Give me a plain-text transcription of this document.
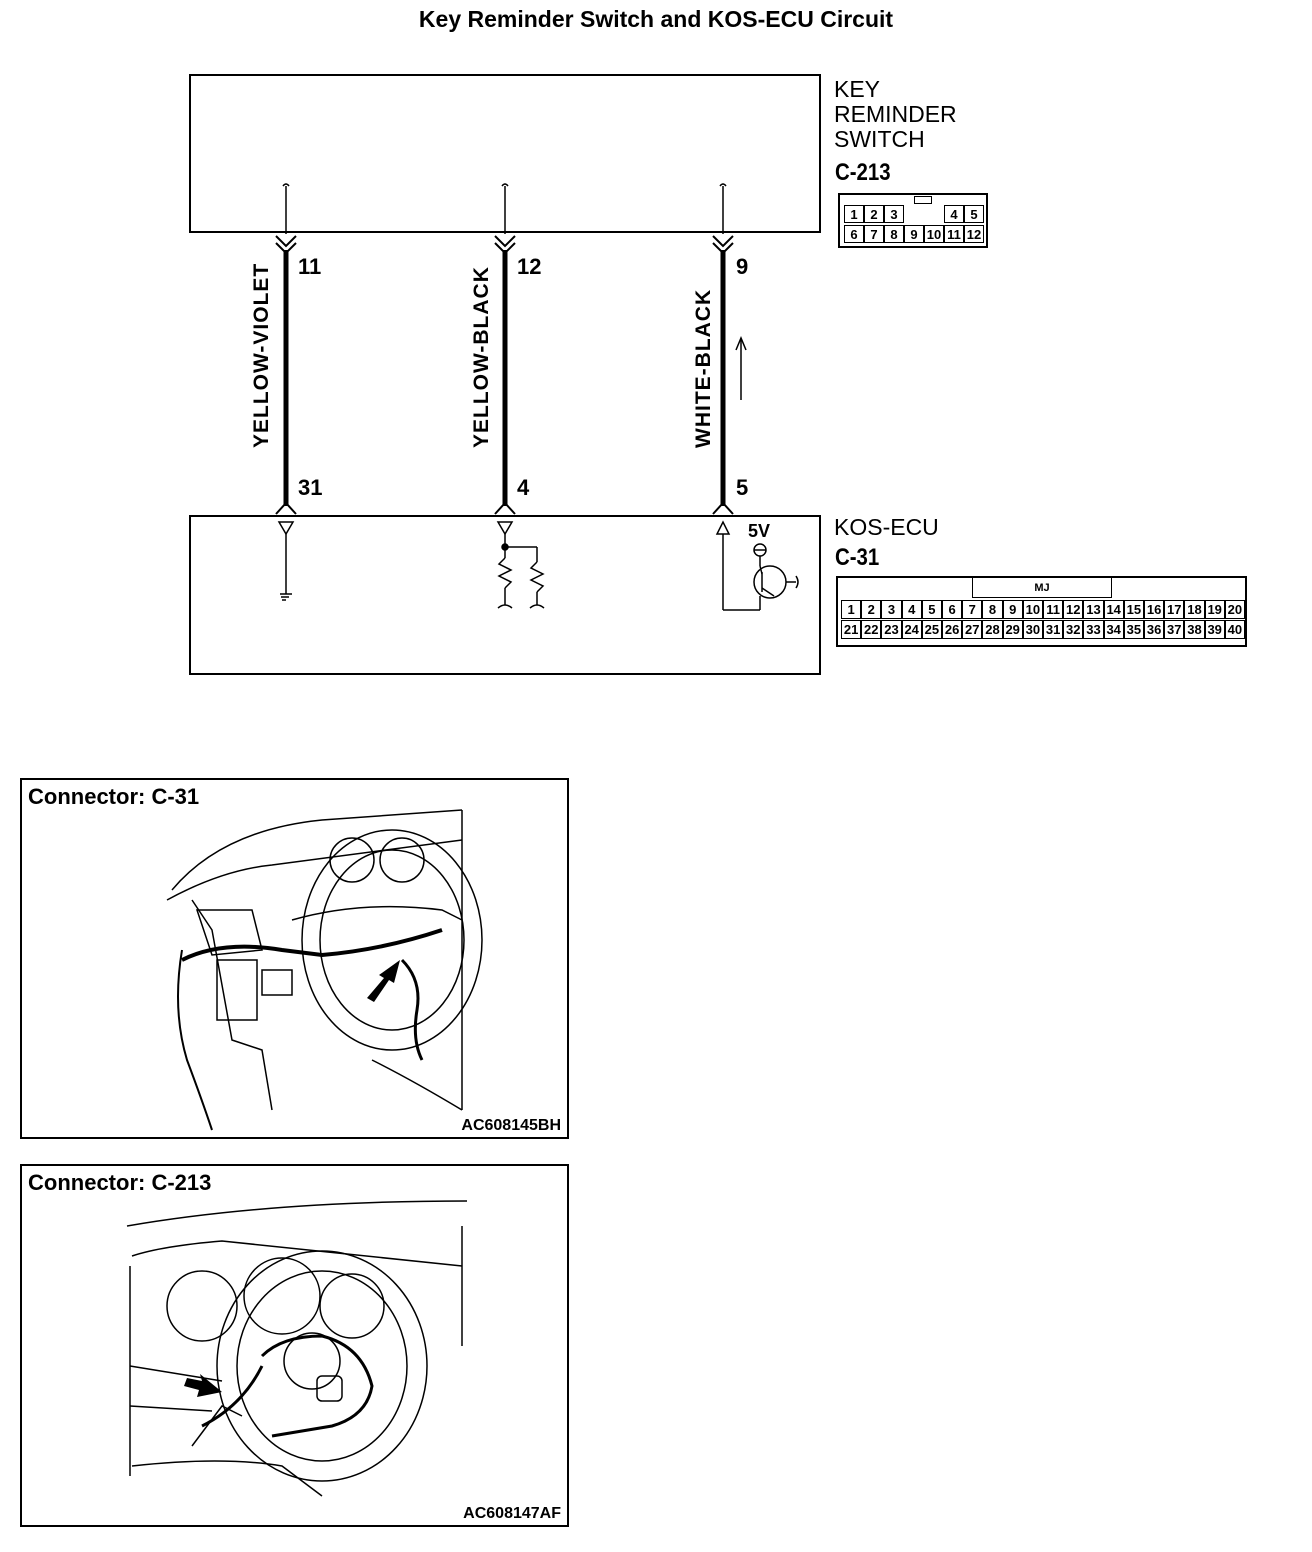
Key Reminder Switch and KOS-ECU Circuit
KEY
REMINDER
SWITCH
C-213
1 2 3	4 5
6 7 8 9 10 11 12
KOS-ECU
C-31
5V
MJ
1 2 3 4 5 6 7 8 9 10 11 12 13 14 15 16 17 18 19 20
21 22 23 24 25 26 27 28 29 30 31 32 33 34 35 36 37 38 39 40
11	12	9
31	4	5
YELLOW-VIOLET	YELLOW-BLACK	WHITE-BLACK
Connector: C-31
AC608145BH
Connector: C-213
AC608147AF
